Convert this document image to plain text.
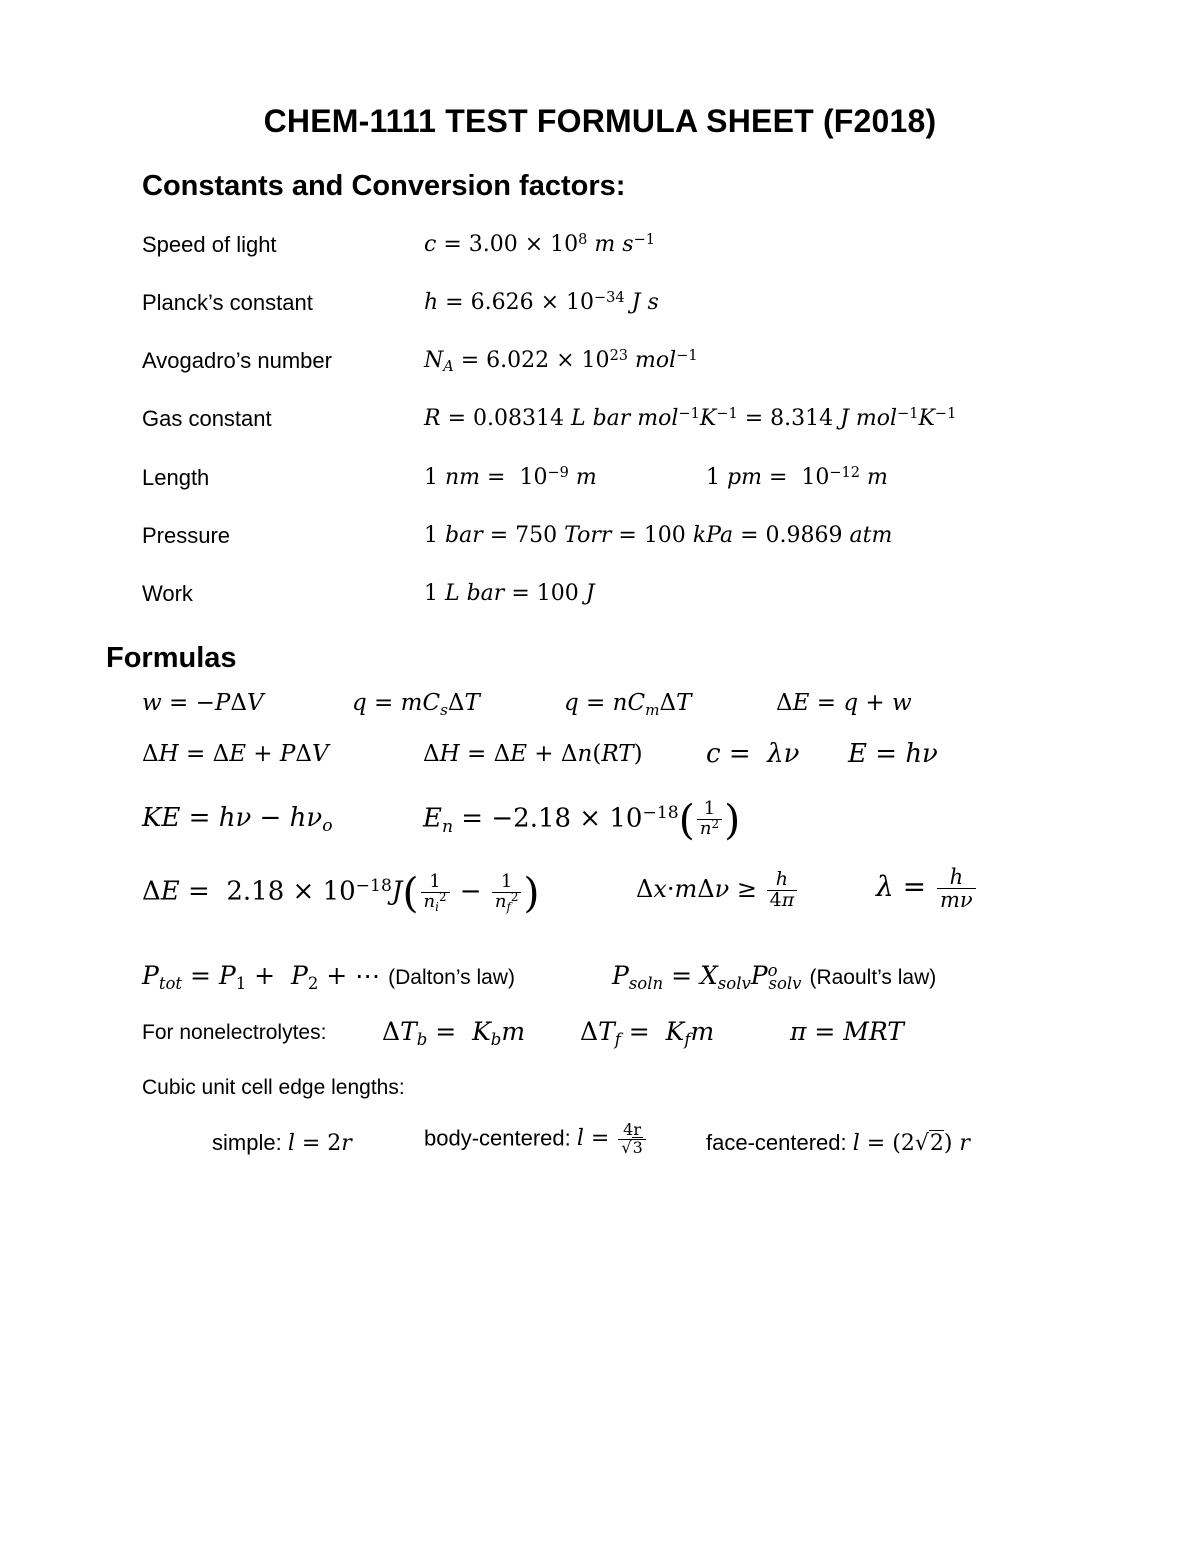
CHEM-1111 TEST FORMULA SHEET (F2018)
Constants and Conversion factors:
Speed of light	$c = 3.00 \times 10^8$ m $s^{-1}$
Planck’s constant	$h = 6.626 \times 10^{-34}$ J s
Avogadro’s number	$N_A = 6.022 \times 10^{23}$ mol$^{-1}$
Gas constant	R = 0.08314 L bar $mol^{-1}K^{-1} = 8.314$ J $mol^{-1}K^{-1}$
Length	1 nm =  $10^{-9}$ m	1 pm =  $10^{-12}$ m
Pressure	1 bar = 750 Torr = 100 kPa = 0.9869 atm
Work	1 L bar = 100 J
Formulas
w = −PΔV	$q = mC_s\Delta T$	$q = nC_m\Delta T$	ΔE = q + w
ΔH = ΔE + PΔV	ΔH = ΔE + Δn(RT) c =  λν E = hν
KE = $h\nu - h\nu_o$	$E_n = -2.18 \times 10^{-18}( \frac{1}{n^2}$ )
$\Delta E = 2.18 \times 10^{-18}J( \frac{1}{n_i^2} - \frac{1}{n_f^2}$ )	$\Delta x\cdot m\Delta\nu \ge \frac{h}{4\pi}$	$\lambda = \frac{h}{m\nu}$
$P_{tot} = P_1 + P_2$ + ⋯ (Dalton’s law)	$P_{soln} = X_{solv}P^o_{solv}$ (Raoult’s law)
For nonelectrolytes: $\Delta T_b = K_bm$ $\Delta T_f = K_fm$	π = MRT
Cubic unit cell edge lengths:
simple: l = 2r	body-centered: $l = \frac{4r}{√3}$	face-centered: l = (2√2) r
